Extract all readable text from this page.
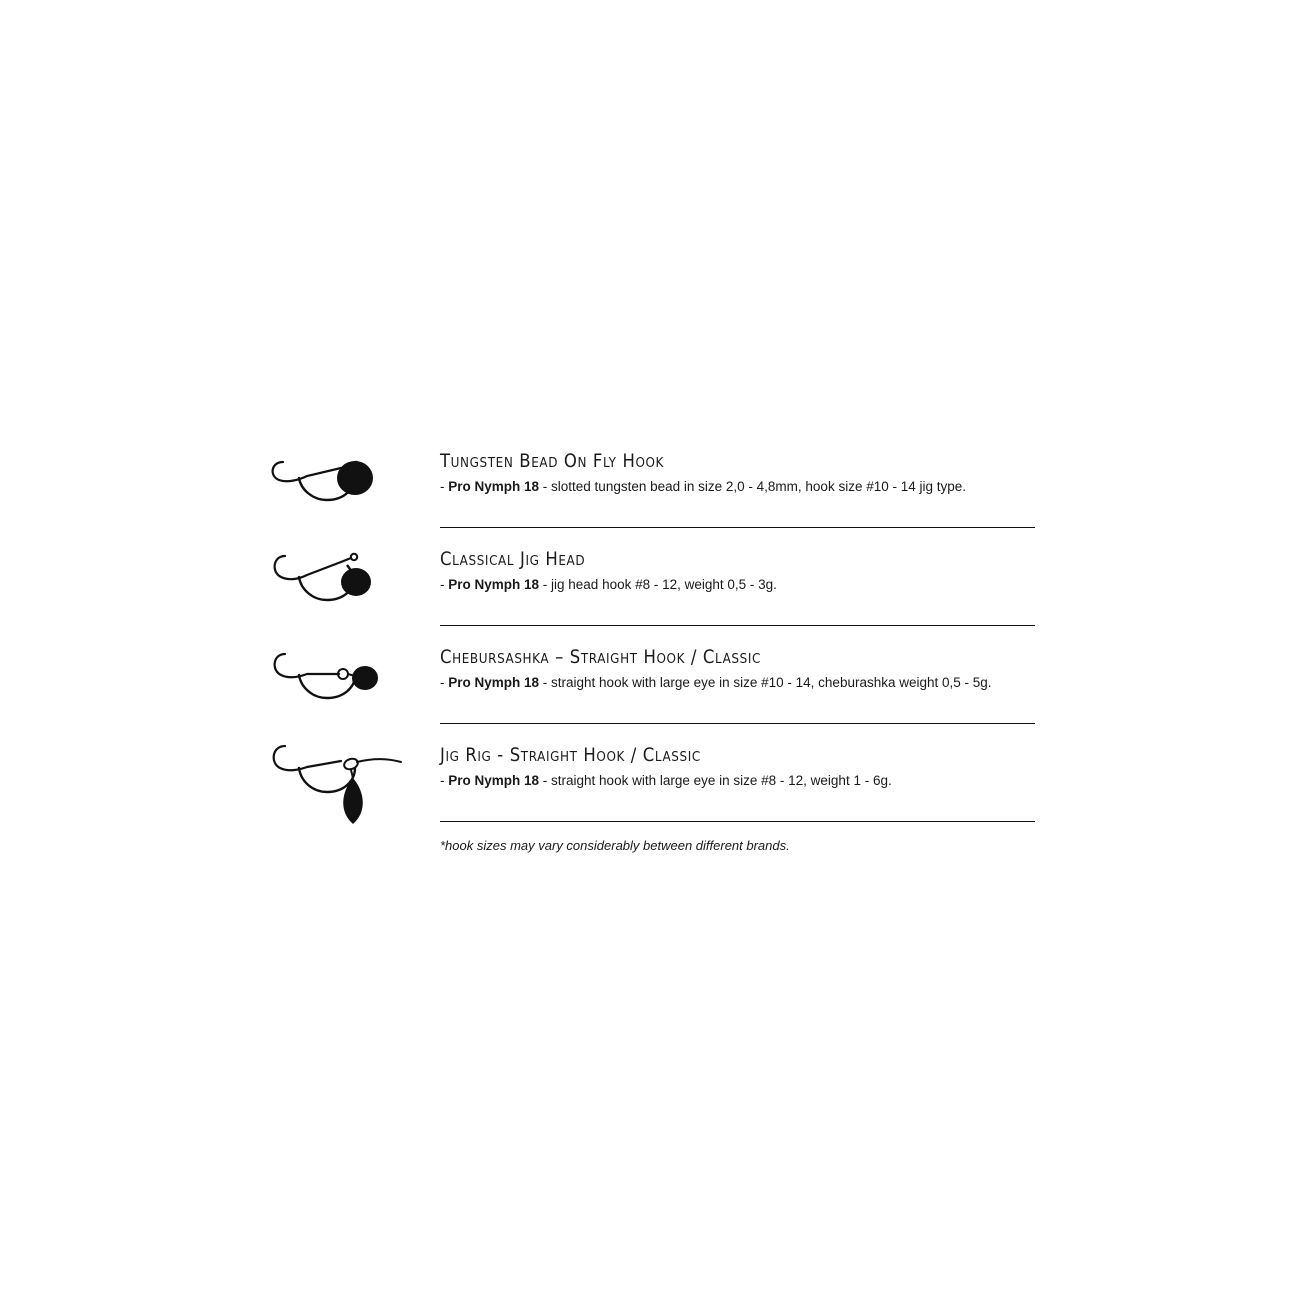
Tungsten Bead On Fly Hook
- Pro Nymph 18 - slotted tungsten bead in size 2,0 - 4,8mm, hook size #10 - 14 jig type.
Classical Jig Head
- Pro Nymph 18 - jig head hook #8 - 12, weight 0,5 - 3g.
Chebursashka – Straight Hook / Classic
- Pro Nymph 18 - straight hook with large eye in size #10 - 14, cheburashka weight 0,5 - 5g.
Jig Rig - Straight Hook / Classic
- Pro Nymph 18 - straight hook with large eye in size #8 - 12, weight 1 - 6g.
*hook sizes may vary considerably between different brands.
